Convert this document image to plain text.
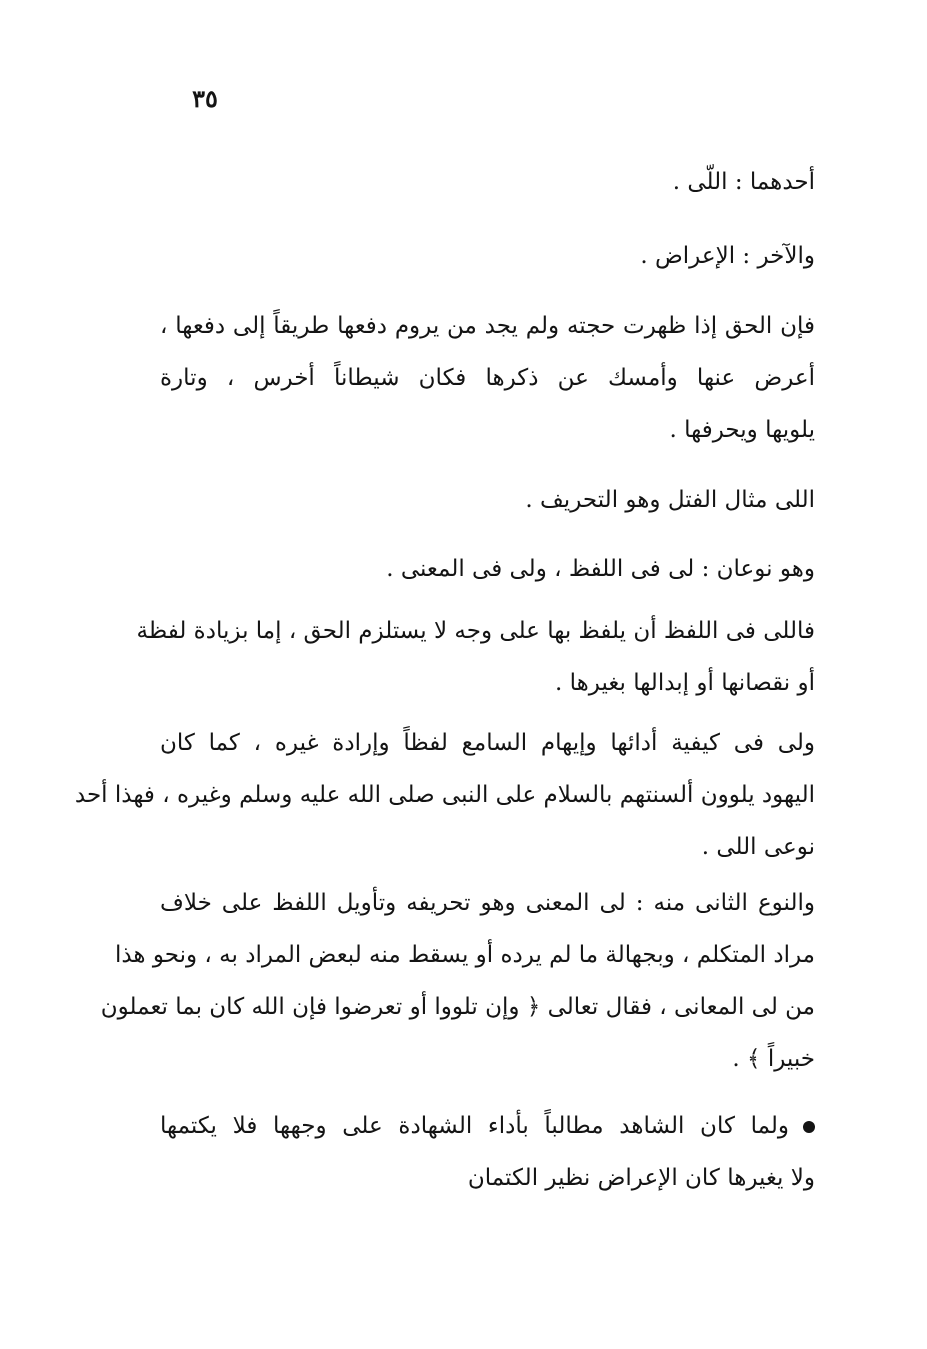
٣٥
أحدهما : اللّى .
والآخر : الإعراض .
فإن الحق إذا ظهرت حجته ولم يجد من يروم دفعها طريقاً إلى دفعها ،
أعرض عنها وأمسك عن ذكرها فكان شيطاناً أخرس ، وتارة
يلويها ويحرفها .
اللى مثال الفتل وهو التحريف .
وهو نوعان : لى فى اللفظ ، ولى فى المعنى .
فاللى فى اللفظ أن يلفظ بها على وجه لا يستلزم الحق ، إما بزيادة لفظة
أو نقصانها أو إبدالها بغيرها .
ولى فى كيفية أدائها وإيهام السامع لفظاً وإرادة غيره ، كما كان
اليهود يلوون ألسنتهم بالسلام على النبى صلى الله عليه وسلم وغيره ، فهذا أحد
نوعى اللى .
والنوع الثانى منه : لى المعنى وهو تحريفه وتأويل اللفظ على خلاف
مراد المتكلم ، وبجهالة ما لم يرده أو يسقط منه لبعض المراد به ، ونحو هذا
من لى المعانى ، فقال تعالى ﴿ وإن تلووا أو تعرضوا فإن الله كان بما تعملون
خبيراً ﴾ .
ولما كان الشاهد مطالباً بأداء الشهادة على وجهها فلا يكتمها
ولا يغيرها كان الإعراض نظير الكتمان
